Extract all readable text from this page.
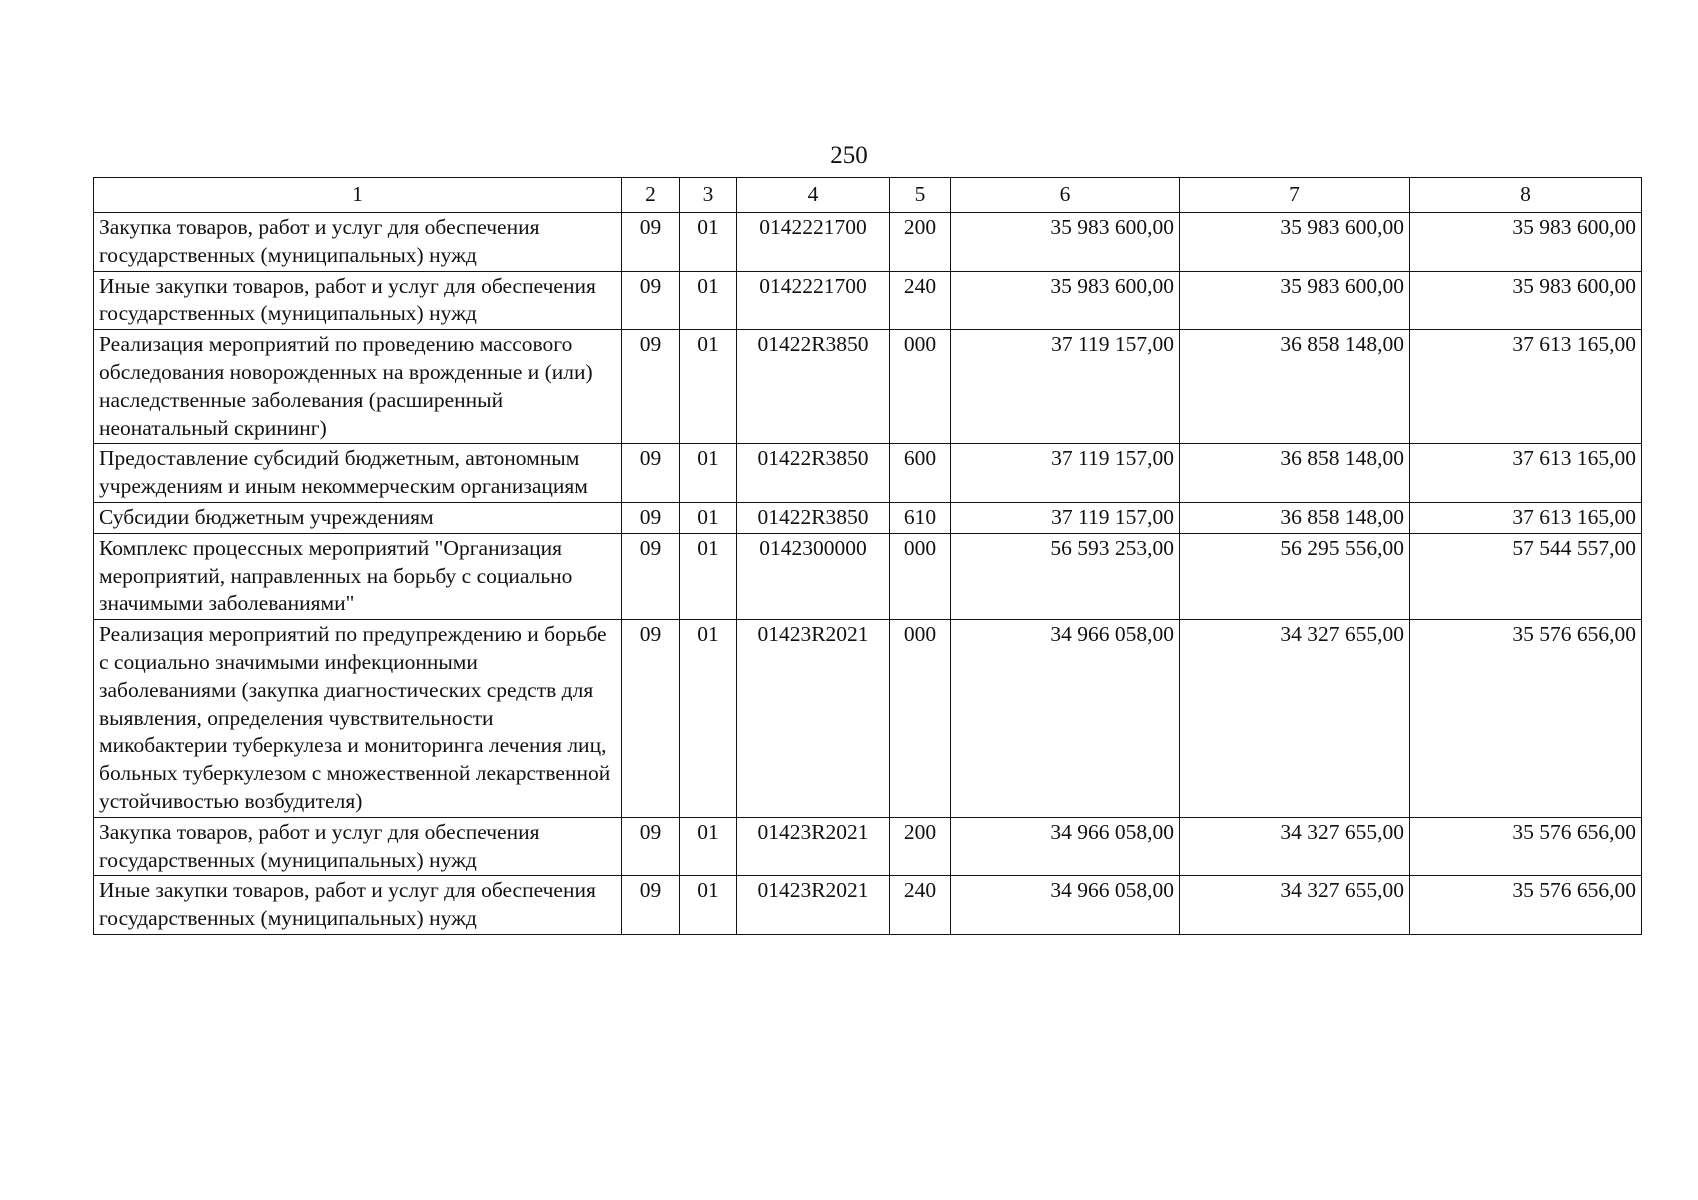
250
1	2	3	4	5	6	7	8
Закупка товаров, работ и услуг для обеспечения государственных (муниципальных) нужд	09	01	0142221700	200	35 983 600,00	35 983 600,00	35 983 600,00
Иные закупки товаров, работ и услуг для обеспечения государственных (муниципальных) нужд	09	01	0142221700	240	35 983 600,00	35 983 600,00	35 983 600,00
Реализация мероприятий по проведению массового обследования новорожденных на врожденные и (или) наследственные заболевания (расширенный неонатальный скрининг)	09	01	01422R3850	000	37 119 157,00	36 858 148,00	37 613 165,00
Предоставление субсидий бюджетным, автономным учреждениям и иным некоммерческим организациям	09	01	01422R3850	600	37 119 157,00	36 858 148,00	37 613 165,00
Субсидии бюджетным учреждениям	09	01	01422R3850	610	37 119 157,00	36 858 148,00	37 613 165,00
Комплекс процессных мероприятий "Организация мероприятий, направленных на борьбу с социально значимыми заболеваниями"	09	01	0142300000	000	56 593 253,00	56 295 556,00	57 544 557,00
Реализация мероприятий по предупреждению и борьбе с социально значимыми инфекционными заболеваниями (закупка диагностических средств для выявления, определения чувствительности микобактерии туберкулеза и мониторинга лечения лиц, больных туберкулезом с множественной лекарственной устойчивостью возбудителя)	09	01	01423R2021	000	34 966 058,00	34 327 655,00	35 576 656,00
Закупка товаров, работ и услуг для обеспечения государственных (муниципальных) нужд	09	01	01423R2021	200	34 966 058,00	34 327 655,00	35 576 656,00
Иные закупки товаров, работ и услуг для обеспечения государственных (муниципальных) нужд	09	01	01423R2021	240	34 966 058,00	34 327 655,00	35 576 656,00
